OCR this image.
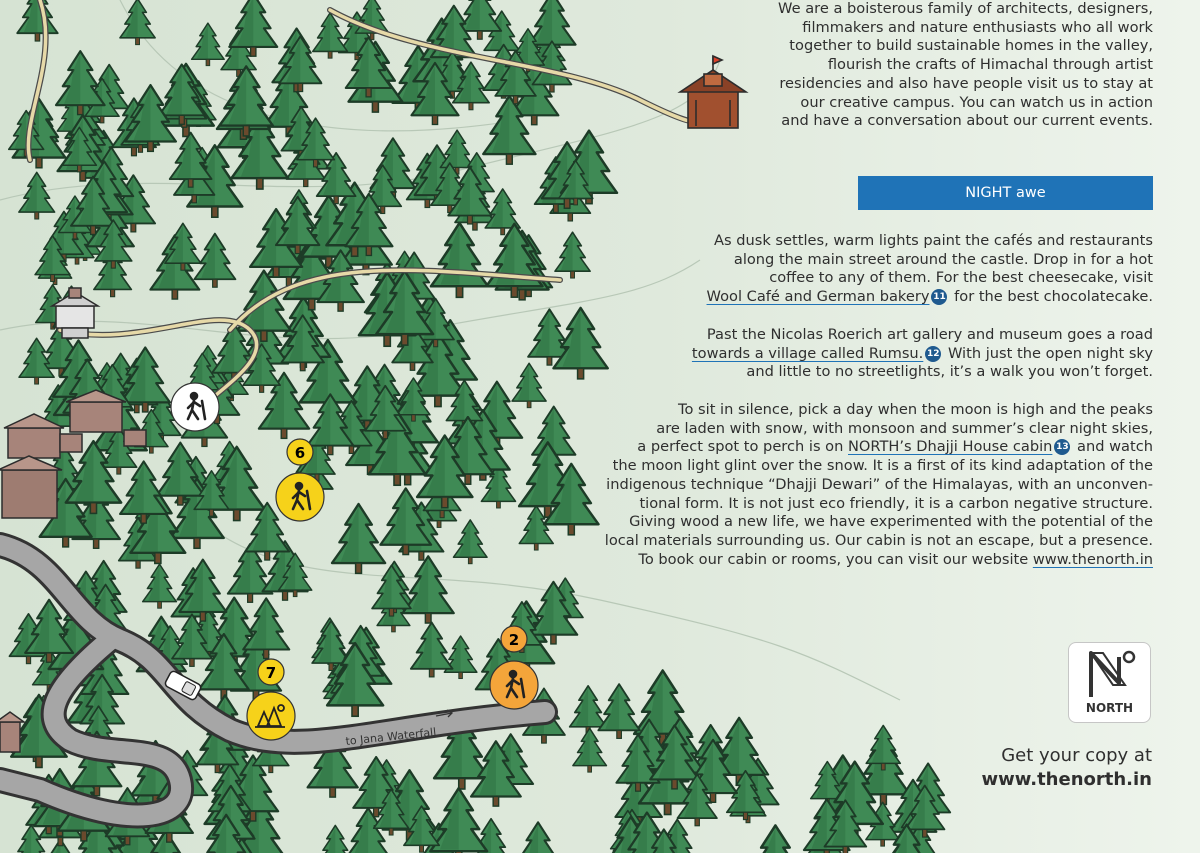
to Jana Waterfall
6
7
2
We are a boisterous family of architects, designers,
filmmakers and nature enthusiasts who all work
together to build sustainable homes in the valley,
flourish the crafts of Himachal through artist
residencies and also have people visit us to stay at
our creative campus. You can watch us in action
and have a conversation about our current events.
NIGHT awe
As dusk settles, warm lights paint the cafés and restaurants
along the main street around the castle. Drop in for a hot
coffee to any of them. For the best cheesecake, visit
Wool Café and German bakery 11 for the best chocolatecake.
Past the Nicolas Roerich art gallery and museum goes a road
towards a village called Rumsu. 12 With just the open night sky
and little to no streetlights, it’s a walk you won’t forget.
To sit in silence, pick a day when the moon is high and the peaks
are laden with snow, with monsoon and summer’s clear night skies,
a perfect spot to perch is on NORTH’s Dhajji House cabin 13 and watch
the moon light glint over the snow. It is a first of its kind adaptation of the
indigenous technique “Dhajji Dewari” of the Himalayas, with an unconven-
tional form. It is not just eco friendly, it is a carbon negative structure.
Giving wood a new life, we have experimented with the potential of the
local materials surrounding us. Our cabin is not an escape, but a presence.
To book our cabin or rooms, you can visit our website www.thenorth.in
NORTH
Get your copy at
www.thenorth.in
